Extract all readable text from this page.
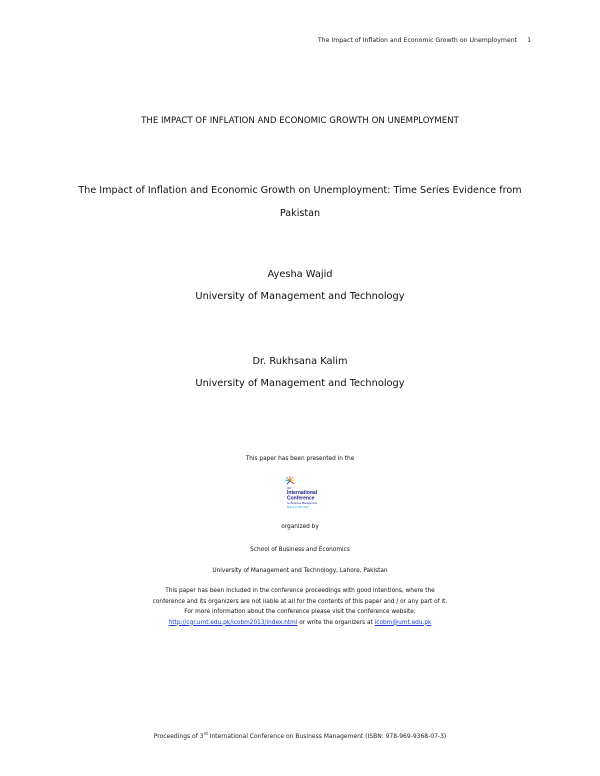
The Impact of Inflation and Economic Growth on Unemployment 1
THE IMPACT OF INFLATION AND ECONOMIC GROWTH ON UNEMPLOYMENT
The Impact of Inflation and Economic Growth on Unemployment: Time Series Evidence from Pakistan
Ayesha Wajid
University of Management and Technology
Dr. Rukhsana Kalim
University of Management and Technology
This paper has been presented in the
3rd
International
Conference
on Business Management
March 27-28, 2013
organized by
School of Business and Economics
University of Management and Technology, Lahore, Pakistan
This paper has been included in the conference proceedings with good intentions, where the conference and its organizers are not liable at all for the contents of this paper and / or any part of it. For more information about the conference please visit the conference website: http://cgr.umt.edu.pk/icobm2013/index.html or write the organizers at icobm@umt.edu.pk
Proceedings of 3rd International Conference on Business Management (ISBN: 978-969-9368-07-3)
